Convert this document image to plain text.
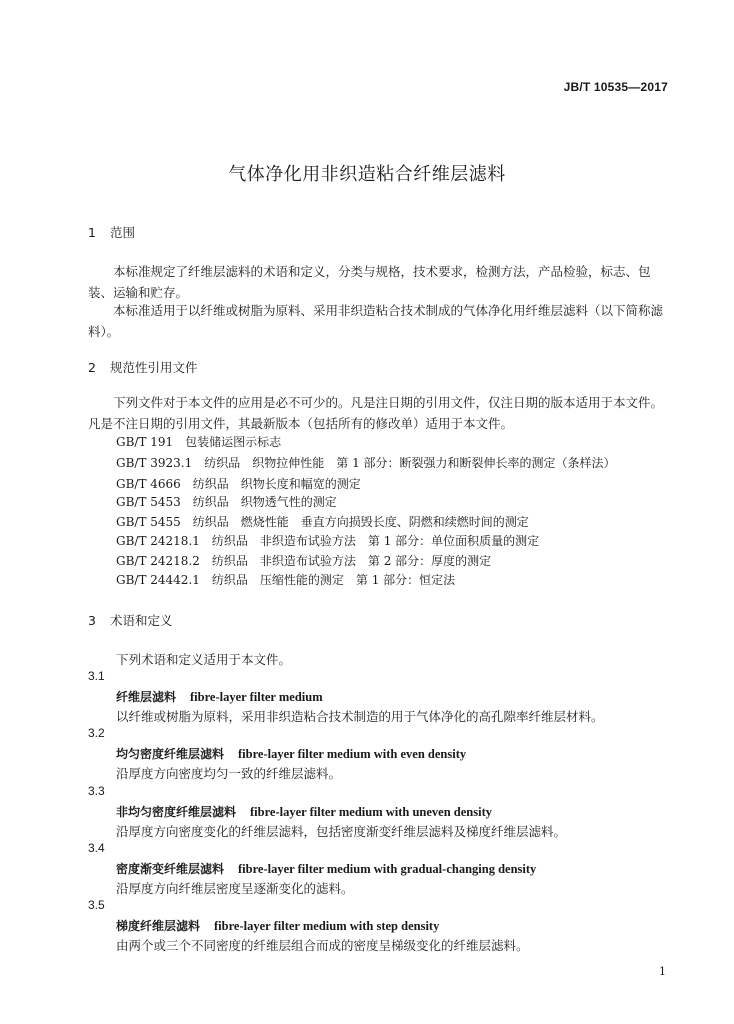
JB/T 10535—2017
气体净化用非织造粘合纤维层滤料
1 范围
本标准规定了纤维层滤料的术语和定义，分类与规格，技术要求，检测方法，产品检验，标志、包装、运输和贮存。
本标准适用于以纤维或树脂为原料、采用非织造粘合技术制成的气体净化用纤维层滤料（以下简称滤料）。
2 规范性引用文件
下列文件对于本文件的应用是必不可少的。凡是注日期的引用文件，仅注日期的版本适用于本文件。凡是不注日期的引用文件，其最新版本（包括所有的修改单）适用于本文件。
GB/T 191　包装储运图示标志
GB/T 3923.1　纺织品　织物拉伸性能　第 1 部分：断裂强力和断裂伸长率的测定（条样法）
GB/T 4666　纺织品　织物长度和幅宽的测定
GB/T 5453　纺织品　织物透气性的测定
GB/T 5455　纺织品　燃烧性能　垂直方向损毁长度、阴燃和续燃时间的测定
GB/T 24218.1　纺织品　非织造布试验方法　第 1 部分：单位面积质量的测定
GB/T 24218.2　纺织品　非织造布试验方法　第 2 部分：厚度的测定
GB/T 24442.1　纺织品　压缩性能的测定　第 1 部分：恒定法
3 术语和定义
下列术语和定义适用于本文件。
3.1
纤维层滤料 fibre-layer filter medium
以纤维或树脂为原料，采用非织造粘合技术制造的用于气体净化的高孔隙率纤维层材料。
3.2
均匀密度纤维层滤料 fibre-layer filter medium with even density
沿厚度方向密度均匀一致的纤维层滤料。
3.3
非均匀密度纤维层滤料 fibre-layer filter medium with uneven density
沿厚度方向密度变化的纤维层滤料，包括密度渐变纤维层滤料及梯度纤维层滤料。
3.4
密度渐变纤维层滤料 fibre-layer filter medium with gradual-changing density
沿厚度方向纤维层密度呈逐渐变化的滤料。
3.5
梯度纤维层滤料 fibre-layer filter medium with step density
由两个或三个不同密度的纤维层组合而成的密度呈梯级变化的纤维层滤料。
1
